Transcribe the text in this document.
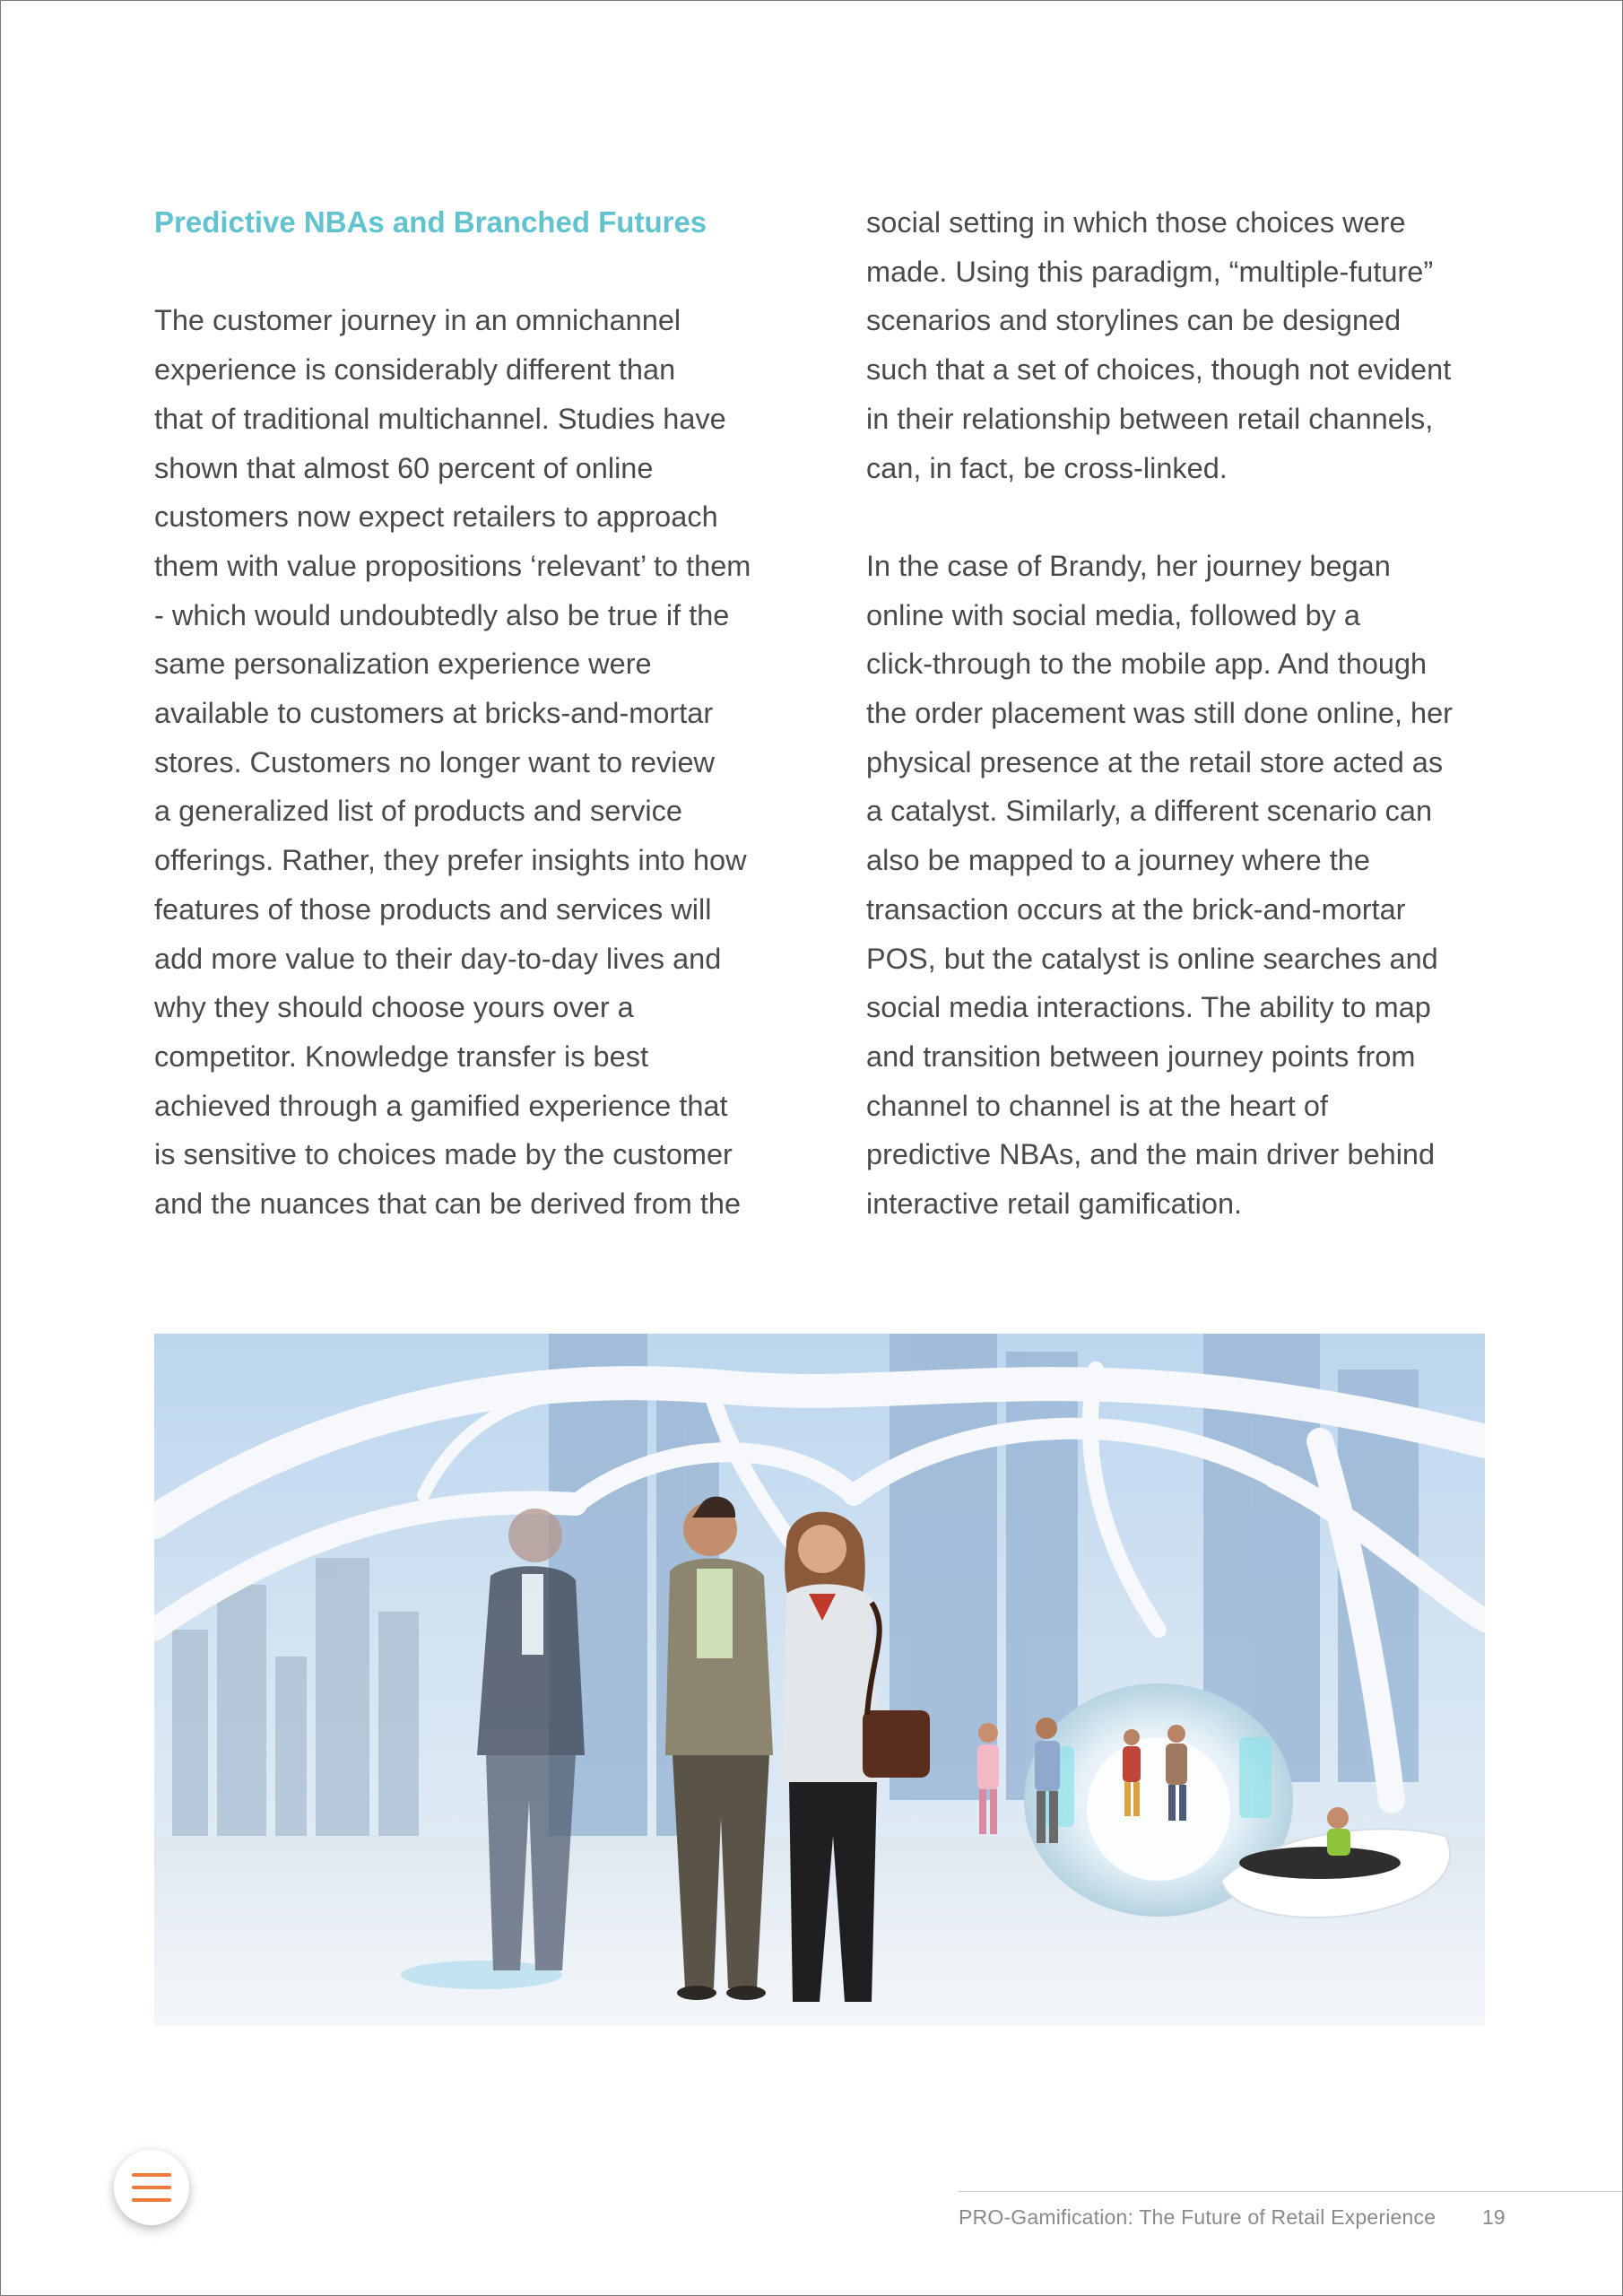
Predictive NBAs and Branched Futures
The customer journey in an omnichannel
experience is considerably different than
that of traditional multichannel. Studies have
shown that almost 60 percent of online
customers now expect retailers to approach
them with value propositions ‘relevant’ to them
- which would undoubtedly also be true if the
same personalization experience were
available to customers at bricks-and-mortar
stores. Customers no longer want to review
a generalized list of products and service
offerings. Rather, they prefer insights into how
features of those products and services will
add more value to their day-to-day lives and
why they should choose yours over a
competitor. Knowledge transfer is best
achieved through a gamified experience that
is sensitive to choices made by the customer
and the nuances that can be derived from the
social setting in which those choices were
made. Using this paradigm, “multiple-future”
scenarios and storylines can be designed
such that a set of choices, though not evident
in their relationship between retail channels,
can, in fact, be cross-linked.
In the case of Brandy, her journey began
online with social media, followed by a
click-through to the mobile app. And though
the order placement was still done online, her
physical presence at the retail store acted as
a catalyst. Similarly, a different scenario can
also be mapped to a journey where the
transaction occurs at the brick-and-mortar
POS, but the catalyst is online searches and
social media interactions. The ability to map
and transition between journey points from
channel to channel is at the heart of
predictive NBAs, and the main driver behind
interactive retail gamification.
PRO-Gamification: The Future of Retail Experience 19
